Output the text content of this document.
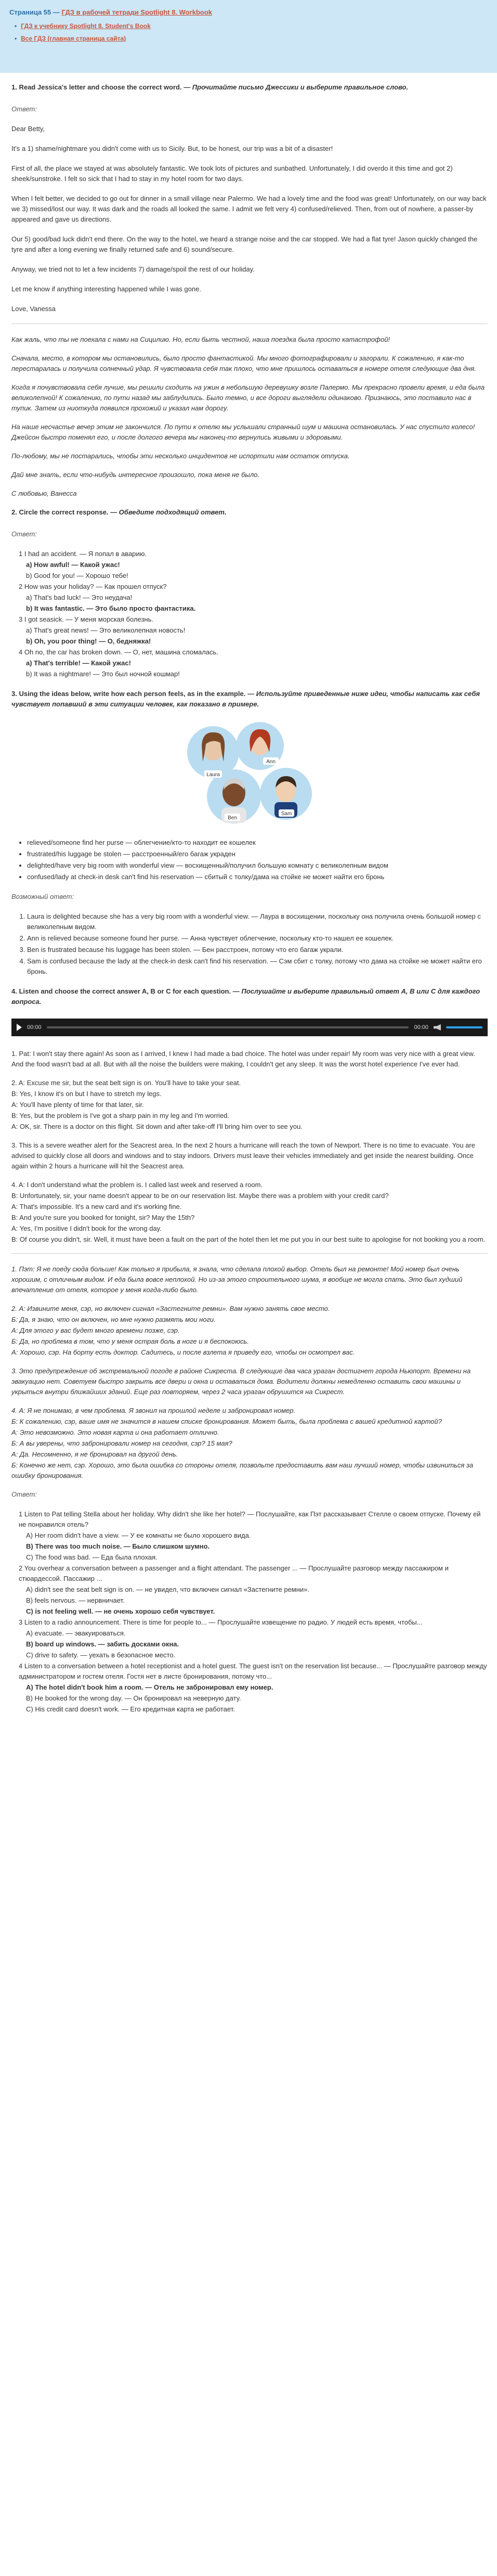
Страница 55 — ГДЗ в рабочей тетради Spotlight 8. Workbook
• ГДЗ к учебнику Spotlight 8. Student's Book
• Все ГДЗ (главная страница сайта)
1. Read Jessica's letter and choose the correct word. — Прочитайте письмо Джессики и выберите правильное слово.

Ответ:

Dear Betty,

It's a 1) shame/nightmare you didn't come with us to Sicily. But, to be honest, our trip was a bit of a disaster!

First of all, the place we stayed at was absolutely fantastic. We took lots of pictures and sunbathed. Unfortunately, I did overdo it this time and got 2) sheek/sunstroke. I felt so sick that I had to stay in my hotel room for two days.

When I felt better, we decided to go out for dinner in a small village near Palermo. We had a lovely time and the food was great! Unfortunately, on our way back we 3) missed/lost our way. It was dark and the roads all looked the same. I admit we felt very 4) confused/relieved. Then, from out of nowhere, a passer-by appeared and gave us directions.

Our 5) good/bad luck didn't end there. On the way to the hotel, we heard a strange noise and the car stopped. We had a flat tyre! Jason quickly changed the tyre and after a long evening we finally returned safe and 6) sound/secure.

Anyway, we tried not to let a few incidents 7) damage/spoil the rest of our holiday.

Let me know if anything interesting happened while I was gone.

Love, Vanessa

Как жаль, что ты не поехала с нами на Сицилию. Но, если быть честной, наша поездка была просто катастрофой!

Сначала, место, в котором мы остановились, было просто фантастикой. Мы много фотографировали и загорали. К сожалению, я как-то перестаралась и получила солнечный удар. Я чувствовала себя так плохо, что мне пришлось оставаться в номере отеля следующие два дня.

Когда я почувствовала себя лучше, мы решили сходить на ужин в небольшую деревушку возле Палермо. Мы прекрасно провели время, и еда была великолепной! К сожалению, по пути назад мы заблудились. Было темно, и все дороги выглядели одинаково. Признаюсь, это поставило нас в тупик. Затем из ниоткуда появился прохожий и указал нам дорогу.

На наше несчастье вечер этим не закончился. По пути к отелю мы услышали странный шум и машина остановилась. У нас спустило колесо! Джейсон быстро поменял его, и после долгого вечера мы наконец-то вернулись живыми и здоровыми.

По-любому, мы не постарались, чтобы эти несколько инцидентов не испортили нам остаток отпуска.

Дай мне знать, если что-нибудь интересное произошло, пока меня не было.

С любовью, Ванесса

2. Circle the correct response. — Обведите подходящий ответ.

Ответ:

1 I had an accident. — Я попал в аварию.
a) How awful! — Какой ужас!
b) Good for you! — Хорошо тебе!
2 How was your holiday? — Как прошел отпуск?
a) That's bad luck! — Это неудача!
b) It was fantastic. — Это было просто фантастика.
3 I got seasick. — У меня морская болезнь.
a) That's great news! — Это великолепная новость!
b) Oh, you poor thing! — О, бедняжка!
4 Oh no, the car has broken down. — О, нет, машина сломалась.
a) That's terrible! — Какой ужас!
b) It was a nightmare! — Это был ночной кошмар!
3. Using the ideas below, write how each person feels, as in the example. — Используйте приведенные ниже идеи, чтобы написать как себя чувствует попавший в эти ситуации человек, как показано в примере.
Laura
Ann
Ben
Sam
• relieved/someone find her purse — облегчение/кто-то находит ее кошелек
• frustrated/his luggage be stolen — расстроенный/его багаж украден
• delighted/have very big room with wonderful view — восхищенный/получил большую комнату с великолепным видом
• confused/lady at check-in desk can't find his reservation — сбитый с толку/дама на стойке не может найти его бронь

Возможный ответ:

1. Laura is delighted because she has a very big room with a wonderful view. — Лаура в восхищении, поскольку она получила очень большой номер с великолепным видом.
2. Ann is relieved because someone found her purse. — Анна чувствует облегчение, поскольку кто-то нашел ее кошелек.
3. Ben is frustrated because his luggage has been stolen. — Бен расстроен, потому что его багаж украли.
4. Sam is confused because the lady at the check-in desk can't find his reservation. — Сэм сбит с толку, потому что дама на стойке не может найти его бронь.
4. Listen and choose the correct answer A, B or C for each question. — Послушайте и выберите правильный ответ A, B или C для каждого вопроса.
00:00	00:00

1. Pat: I won't stay there again! As soon as I arrived, I knew I had made a bad choice. The hotel was under repair! My room was very nice with a great view. And the food wasn't bad at all. But with all the noise the builders were making, I couldn't get any sleep. It was the worst hotel experience I've ever had.

2. A: Excuse me sir, but the seat belt sign is on. You'll have to take your seat.
B: Yes, I know it's on but I have to stretch my legs.
A: You'll have plenty of time for that later, sir.
B: Yes, but the problem is I've got a sharp pain in my leg and I'm worried.

A: OK, sir. There is a doctor on this flight. Sit down and after take-off I'll bring him over to see you.

3. This is a severe weather alert for the Seacrest area. In the next 2 hours a hurricane will reach the town of Newport. There is no time to evacuate. You are advised to quickly close all doors and windows and to stay indoors. Drivers must leave their vehicles immediately and get inside the nearest building. Once again within 2 hours a hurricane will hit the Seacrest area.

4. A: I don't understand what the problem is. I called last week and reserved a room.
B: Unfortunately, sir, your name doesn't appear to be on our reservation list. Maybe there was a problem with your credit card?
A: That's impossible. It's a new card and it's working fine.
B: And you're sure you booked for tonight, sir? May the 15th?
A: Yes, I'm positive I didn't book for the wrong day.

B: Of course you didn't, sir. Well, it must have been a fault on the part of the hotel then let me put you in our best suite to apologise for not booking you a room.

1. Пэт: Я не поеду сюда больше! Как только я прибыла, я знала, что сделала плохой выбор. Отель был на ремонте! Мой номер был очень хорошим, с отличным видом. И еда была вовсе неплохой. Но из-за этого строительного шума, я вообще не могла спать. Это был худший впечатление от отеля, которое у меня когда-либо было.

2. А: Извините меня, сэр, но включен сигнал «Застегните ремни». Вам нужно занять свое место.
Б: Да, я знаю, что он включен, но мне нужно размять мои ноги.
А: Для этого у вас будет много времени позже, сэр.
Б: Да, но проблема в том, что у меня острая боль в ноге и я беспокоюсь.

А: Хорошо, сэр. На борту есть доктор. Садитесь, и после взлета я приведу его, чтобы он осмотрел вас.

3. Это предупреждение об экстремальной погоде в районе Сикреста. В следующие два часа ураган достигнет города Ньюпорт. Времени на эвакуацию нет. Советуем быстро закрыть все двери и окна и оставаться дома. Водители должны немедленно оставить свои машины и укрыться внутри ближайших зданий. Еще раз повторяем, через 2 часа ураган обрушится на Сикрест.

4. А: Я не понимаю, в чем проблема. Я звонил на прошлой неделе и забронировал номер.
Б: К сожалению, сэр, ваше имя не значится в нашем списке бронирования. Может быть, была проблема с вашей кредитной картой?
А: Это невозможно. Это новая карта и она работает отлично.
Б: А вы уверены, что забронировали номер на сегодня, сэр? 15 мая?
А: Да. Несомненно, я не бронировал на другой день.

Б: Конечно же нет, сэр. Хорошо, это была ошибка со стороны отеля, позвольте предоставить вам наш лучший номер, чтобы извиниться за ошибку бронирования.

Ответ:

1 Listen to Pat telling Stella about her holiday. Why didn't she like her hotel? — Послушайте, как Пэт рассказывает Стелле о своем отпуске. Почему ей не понравился отель?
A) Her room didn't have a view. — У ее комнаты не было хорошего вида.
B) There was too much noise. — Было слишком шумно.
C) The food was bad. — Еда была плохая.
2 You overhear a conversation between a passenger and a flight attendant. The passenger ... — Прослушайте разговор между пассажиром и стюардессой. Пассажир ...
A) didn't see the seat belt sign is on. — не увидел, что включен сигнал «Застегните ремни».
B) feels nervous. — нервничает.
C) is not feeling well. — не очень хорошо себя чувствует.
3 Listen to a radio announcement. There is time for people to... — Прослушайте извещение по радио. У людей есть время, чтобы...
A) evacuate. — эвакуироваться.
B) board up windows. — забить досками окна.
C) drive to safety. — уехать в безопасное место.
4 Listen to a conversation between a hotel receptionist and a hotel guest. The guest isn't on the reservation list because... — Прослушайте разговор между администратором и гостем отеля. Гостя нет в листе бронирования, потому что...
A) The hotel didn't book him a room. — Отель не забронировал ему номер.
B) He booked for the wrong day. — Он бронировал на неверную дату.
C) His credit card doesn't work. — Его кредитная карта не работает.
